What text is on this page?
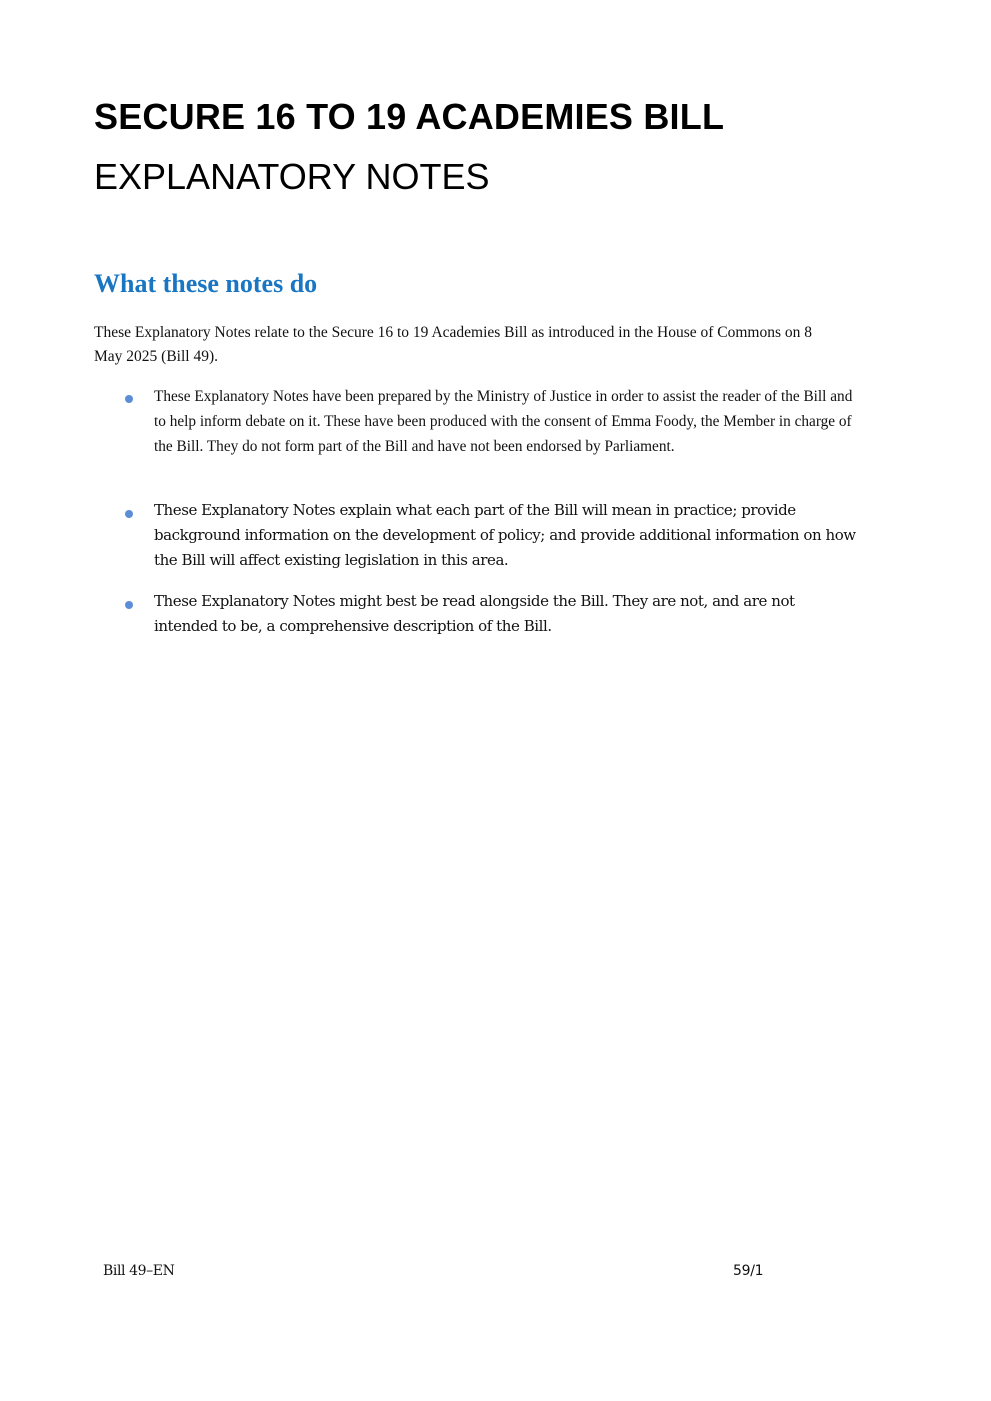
SECURE 16 TO 19 ACADEMIES BILL
EXPLANATORY NOTES
What these notes do

These Explanatory Notes relate to the Secure 16 to 19 Academies Bill as introduced in the House of Commons on 8 May 2025 (Bill 49).

These Explanatory Notes have been prepared by the Ministry of Justice in order to assist the reader of the Bill and to help inform debate on it. These have been produced with the consent of Emma Foody, the Member in charge of the Bill. They do not form part of the Bill and have not been endorsed by Parliament.

These Explanatory Notes explain what each part of the Bill will mean in practice; provide background information on the development of policy; and provide additional information on how the Bill will affect existing legislation in this area.

These Explanatory Notes might best be read alongside the Bill. They are not, and are not intended to be, a comprehensive description of the Bill.

Bill 49–EN	59/1
